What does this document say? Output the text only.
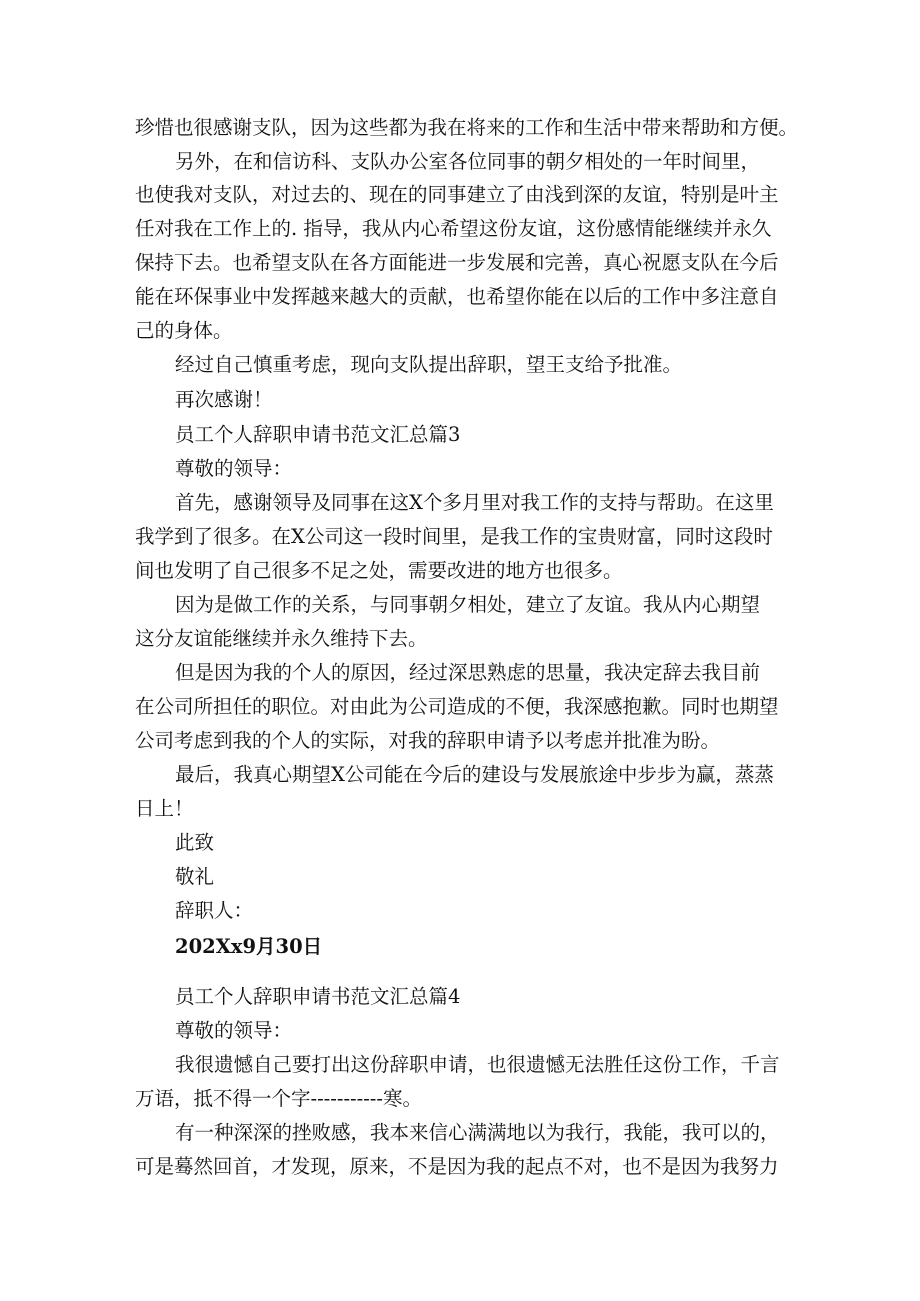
珍惜也很感谢支队，因为这些都为我在将来的工作和生活中带来帮助和方便。
另外，在和信访科、支队办公室各位同事的朝夕相处的一年时间里，
也使我对支队，对过去的、现在的同事建立了由浅到深的友谊，特别是叶主
任对我在工作上的. 指导，我从内心希望这份友谊，这份感情能继续并永久
保持下去。也希望支队在各方面能进一步发展和完善，真心祝愿支队在今后
能在环保事业中发挥越来越大的贡献，也希望你能在以后的工作中多注意自
己的身体。
经过自己慎重考虑，现向支队提出辞职，望王支给予批准。
再次感谢！
员工个人辞职申请书范文汇总篇3
尊敬的领导：
首先，感谢领导及同事在这X个多月里对我工作的支持与帮助。在这里
我学到了很多。在X公司这一段时间里，是我工作的宝贵财富，同时这段时
间也发明了自己很多不足之处，需要改进的地方也很多。
因为是做工作的关系，与同事朝夕相处，建立了友谊。我从内心期望
这分友谊能继续并永久维持下去。
但是因为我的个人的原因，经过深思熟虑的思量，我决定辞去我目前
在公司所担任的职位。对由此为公司造成的不便，我深感抱歉。同时也期望
公司考虑到我的个人的实际，对我的辞职申请予以考虑并批准为盼。
最后，我真心期望X公司能在今后的建设与发展旅途中步步为赢，蒸蒸
日上！
此致
敬礼
辞职人：
202Xx9月30日
员工个人辞职申请书范文汇总篇4
尊敬的领导：
我很遗憾自己要打出这份辞职申请，也很遗憾无法胜任这份工作，千言
万语，抵不得一个字-----------寒。
有一种深深的挫败感，我本来信心满满地以为我行，我能，我可以的，
可是蓦然回首，才发现，原来，不是因为我的起点不对，也不是因为我努力
